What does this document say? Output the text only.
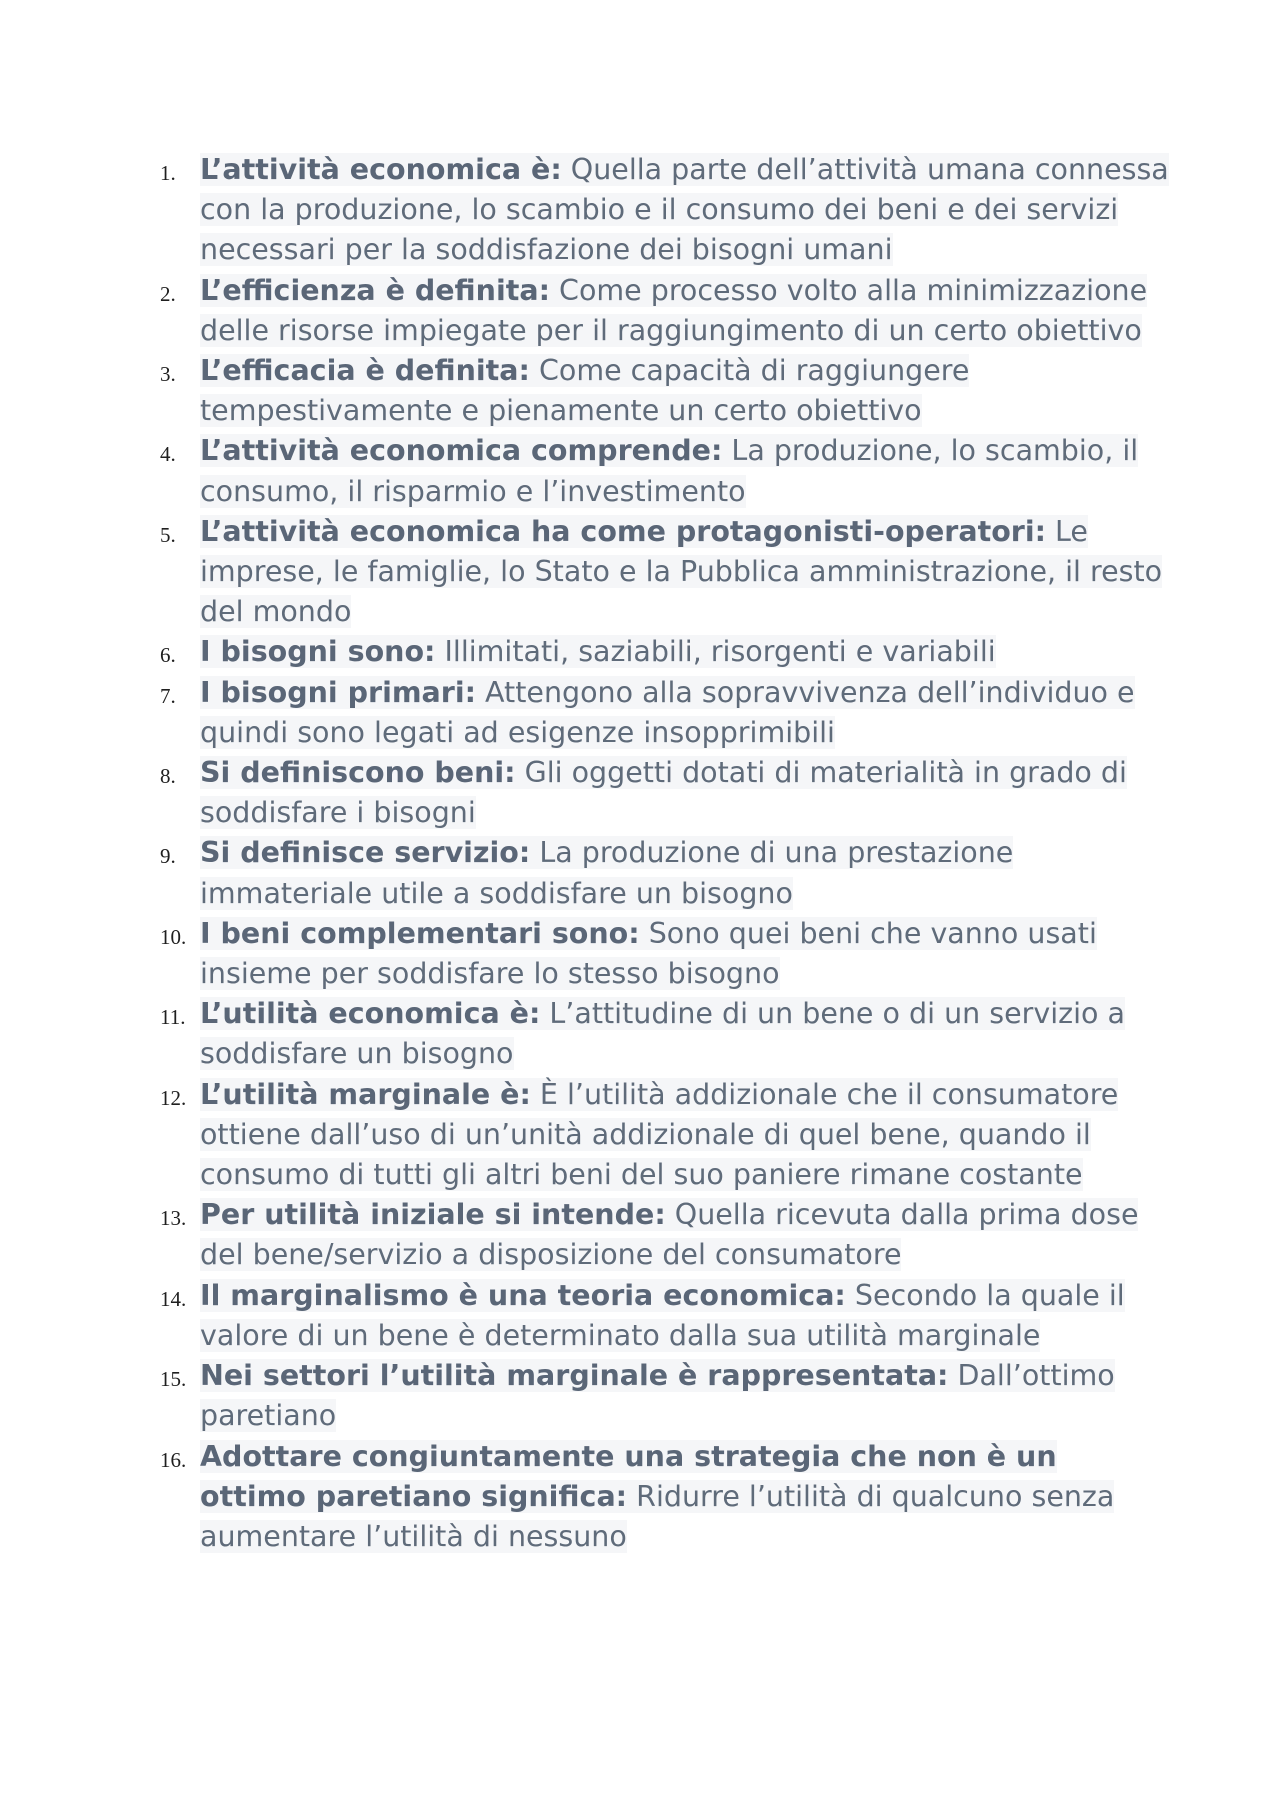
1. L’attività economica è: Quella parte dell’attività umana connessa con la produzione, lo scambio e il consumo dei beni e dei servizi necessari per la soddisfazione dei bisogni umani
2. L’efficienza è definita: Come processo volto alla minimizzazione delle risorse impiegate per il raggiungimento di un certo obiettivo
3. L’efficacia è definita: Come capacità di raggiungere tempestivamente e pienamente un certo obiettivo
4. L’attività economica comprende: La produzione, lo scambio, il consumo, il risparmio e l’investimento
5. L’attività economica ha come protagonisti-operatori: Le imprese, le famiglie, lo Stato e la Pubblica amministrazione, il resto del mondo
6. I bisogni sono: Illimitati, saziabili, risorgenti e variabili
7. I bisogni primari: Attengono alla sopravvivenza dell’individuo e quindi sono legati ad esigenze insopprimibili
8. Si definiscono beni: Gli oggetti dotati di materialità in grado di soddisfare i bisogni
9. Si definisce servizio: La produzione di una prestazione immateriale utile a soddisfare un bisogno
10. I beni complementari sono: Sono quei beni che vanno usati insieme per soddisfare lo stesso bisogno
11. L’utilità economica è: L’attitudine di un bene o di un servizio a soddisfare un bisogno
12. L’utilità marginale è: È l’utilità addizionale che il consumatore ottiene dall’uso di un’unità addizionale di quel bene, quando il consumo di tutti gli altri beni del suo paniere rimane costante
13. Per utilità iniziale si intende: Quella ricevuta dalla prima dose del bene/servizio a disposizione del consumatore
14. Il marginalismo è una teoria economica: Secondo la quale il valore di un bene è determinato dalla sua utilità marginale
15. Nei settori l’utilità marginale è rappresentata: Dall’ottimo paretiano
16. Adottare congiuntamente una strategia che non è un ottimo paretiano significa: Ridurre l’utilità di qualcuno senza aumentare l’utilità di nessuno
